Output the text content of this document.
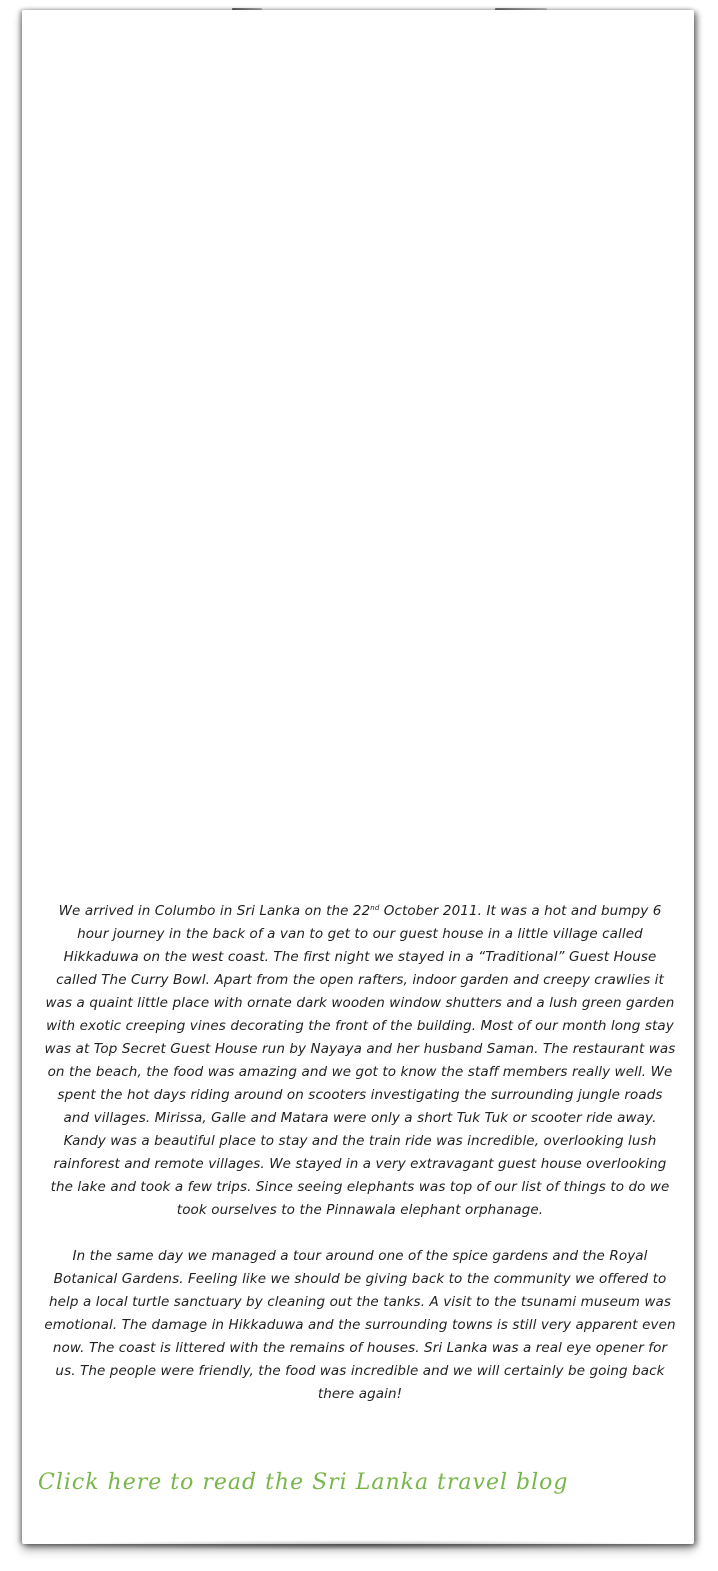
We arrived in Columbo in Sri Lanka on the 22nd October 2011. It was a hot and bumpy 6 hour journey in the back of a van to get to our guest house in a little village called Hikkaduwa on the west coast. The first night we stayed in a “Traditional” Guest House called The Curry Bowl. Apart from the open rafters, indoor garden and creepy crawlies it was a quaint little place with ornate dark wooden window shutters and a lush green garden with exotic creeping vines decorating the front of the building. Most of our month long stay was at Top Secret Guest House run by Nayaya and her husband Saman. The restaurant was on the beach, the food was amazing and we got to know the staff members really well. We spent the hot days riding around on scooters investigating the surrounding jungle roads and villages. Mirissa, Galle and Matara were only a short Tuk Tuk or scooter ride away. Kandy was a beautiful place to stay and the train ride was incredible, overlooking lush rainforest and remote villages. We stayed in a very extravagant guest house overlooking the lake and took a few trips. Since seeing elephants was top of our list of things to do we took ourselves to the Pinnawala elephant orphanage.

In the same day we managed a tour around one of the spice gardens and the Royal Botanical Gardens. Feeling like we should be giving back to the community we offered to help a local turtle sanctuary by cleaning out the tanks. A visit to the tsunami museum was emotional. The damage in Hikkaduwa and the surrounding towns is still very apparent even now. The coast is littered with the remains of houses. Sri Lanka was a real eye opener for us. The people were friendly, the food was incredible and we will certainly be going back there again!

Click here to read the Sri Lanka travel blog
